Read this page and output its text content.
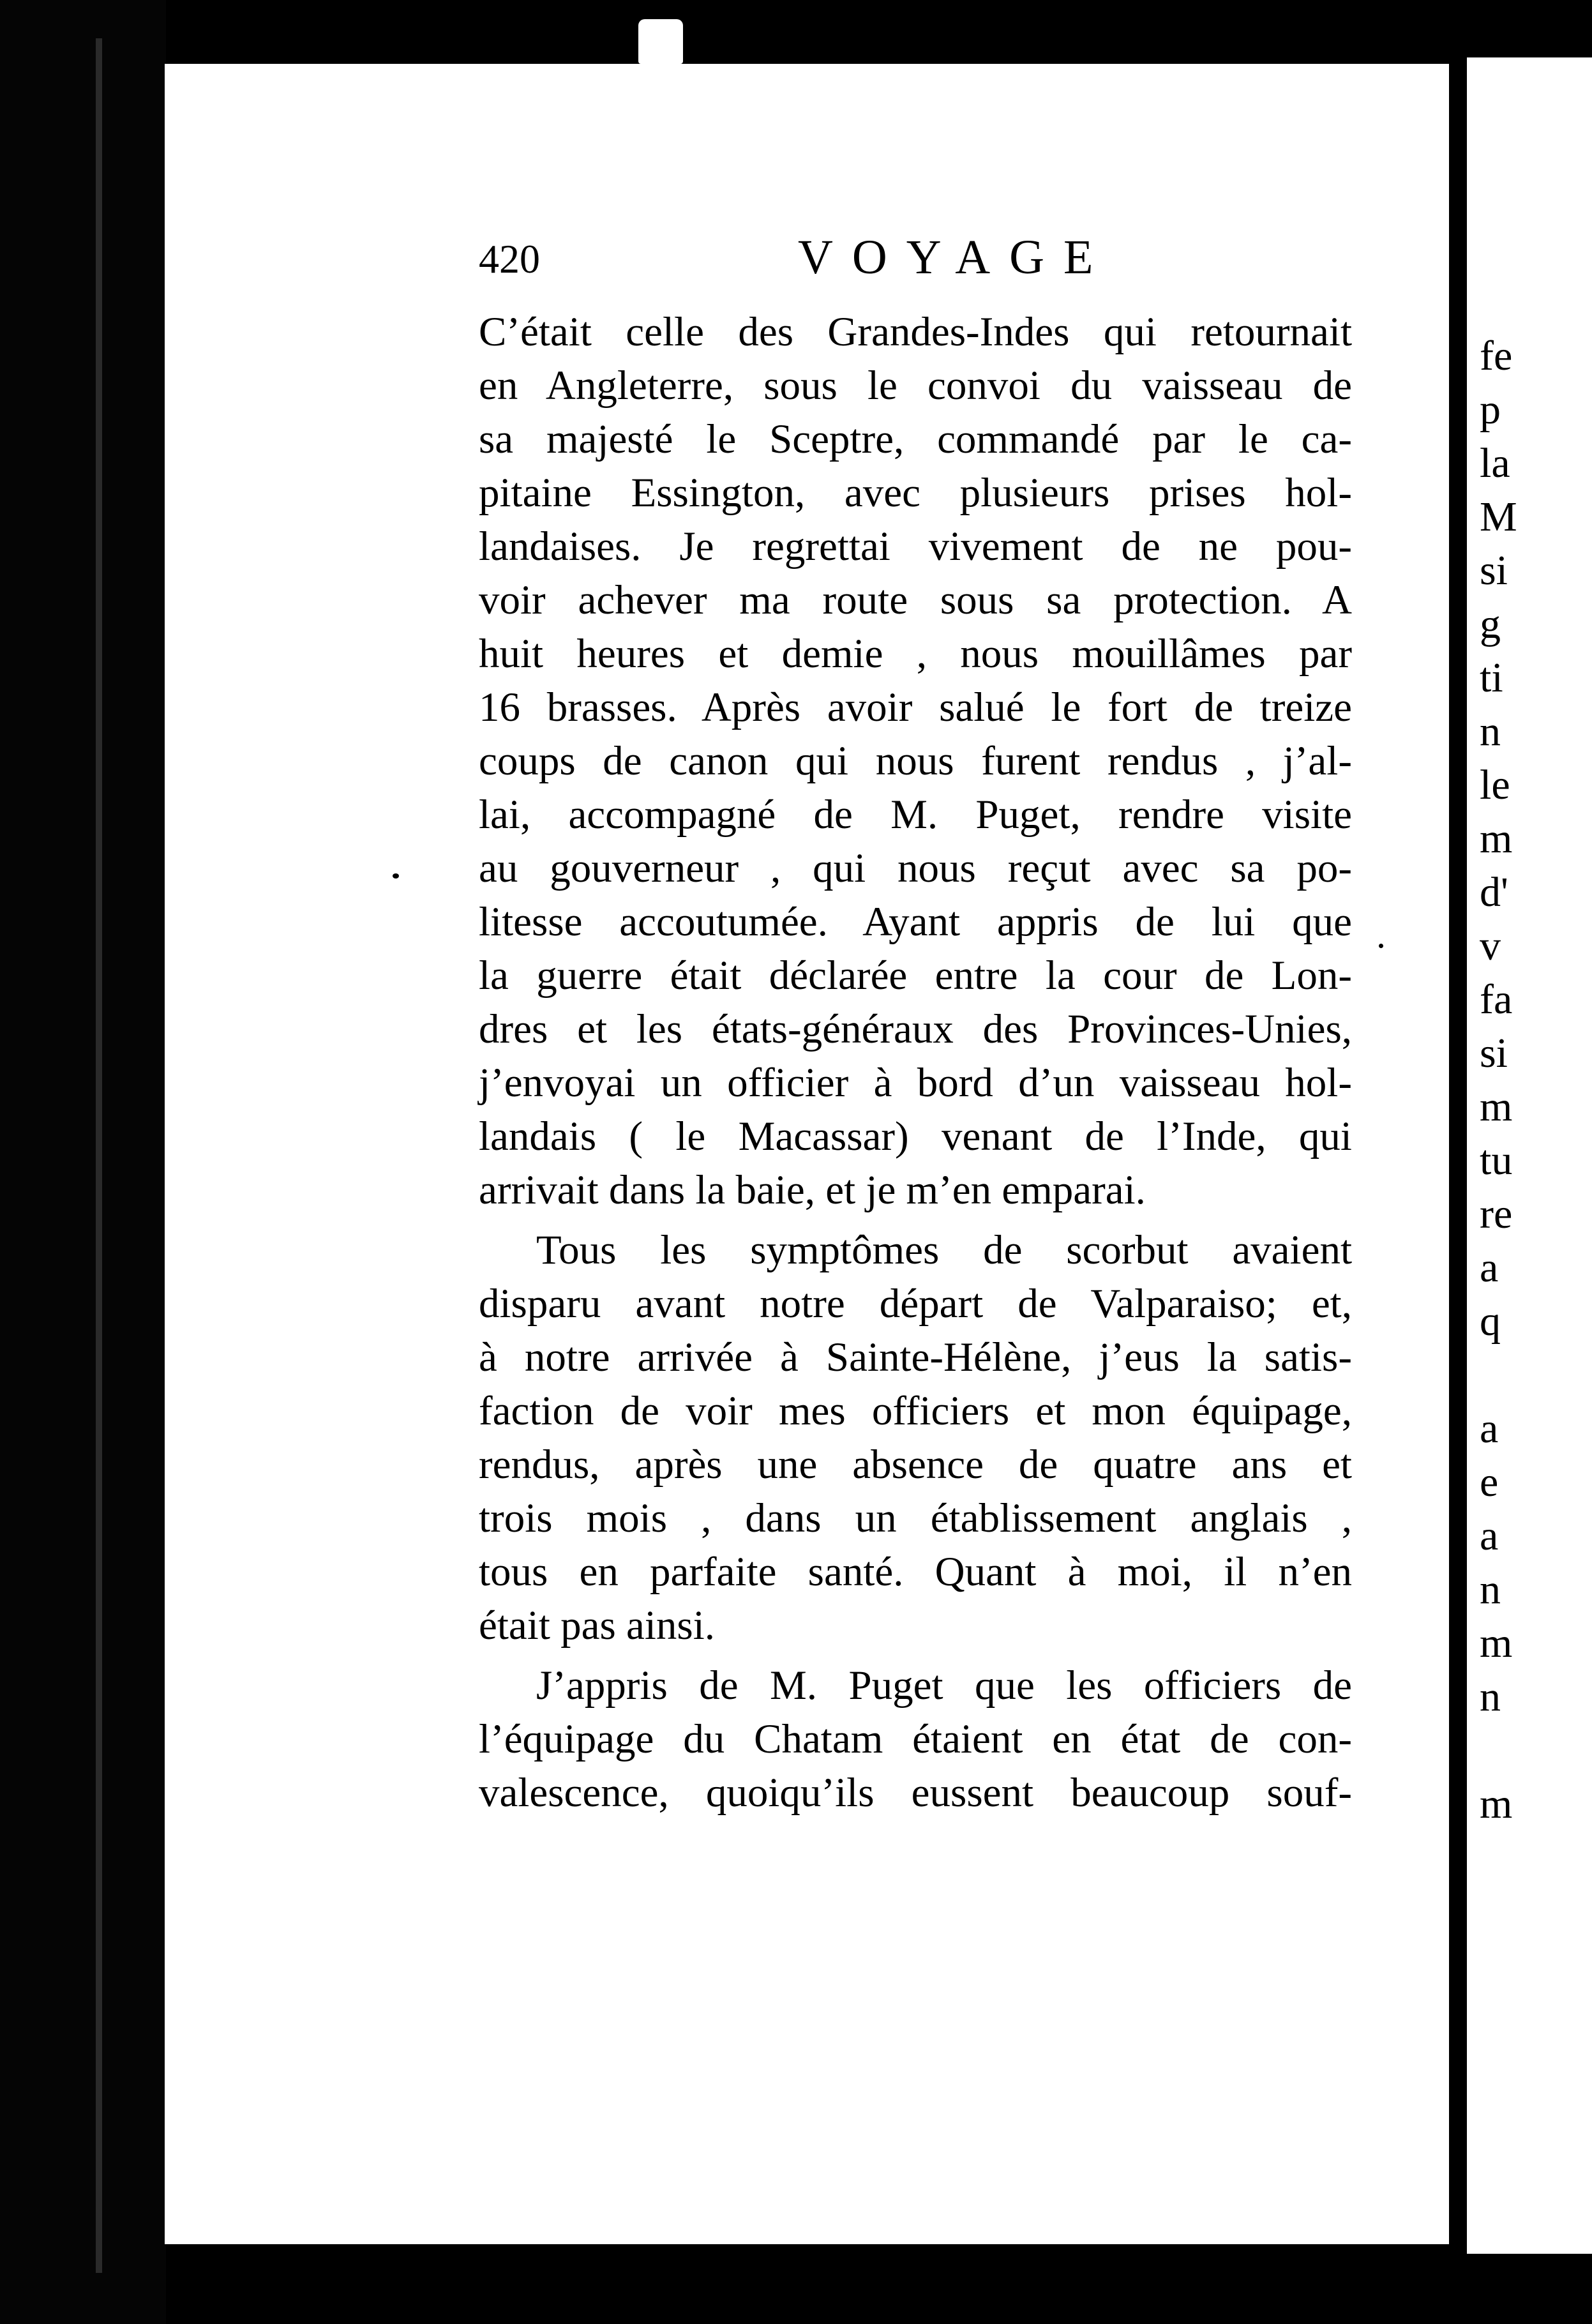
fe
p
la
M
si
g
ti
n
le
m
d'
v
fa
si
m
tu
re
a
q
a
e
a
n
m
n
m
420	VOYAGE
C’était celle des Grandes-Indes qui retournait
en Angleterre, sous le convoi du vaisseau de
sa majesté le Sceptre, commandé par le ca-
pitaine Essington, avec plusieurs prises hol-
landaises. Je regrettai vivement de ne pou-
voir achever ma route sous sa protection. A
huit heures et demie , nous mouillâmes par
16 brasses. Après avoir salué le fort de treize
coups de canon qui nous furent rendus , j’al-
lai, accompagné de M. Puget, rendre visite
au gouverneur , qui nous reçut avec sa po-
litesse accoutumée. Ayant appris de lui que
la guerre était déclarée entre la cour de Lon-
dres et les états-généraux des Provinces-Unies,
j’envoyai un officier à bord d’un vaisseau hol-
landais ( le Macassar) venant de l’Inde, qui
arrivait dans la baie, et je m’en emparai.
Tous les symptômes de scorbut avaient
disparu avant notre départ de Valparaiso; et,
à notre arrivée à Sainte-Hélène, j’eus la satis-
faction de voir mes officiers et mon équipage,
rendus, après une absence de quatre ans et
trois mois , dans un établissement anglais ,
tous en parfaite santé. Quant à moi, il n’en
était pas ainsi.
J’appris de M. Puget que les officiers de
l’équipage du Chatam étaient en état de con-
valescence, quoiqu’ils eussent beaucoup souf-
